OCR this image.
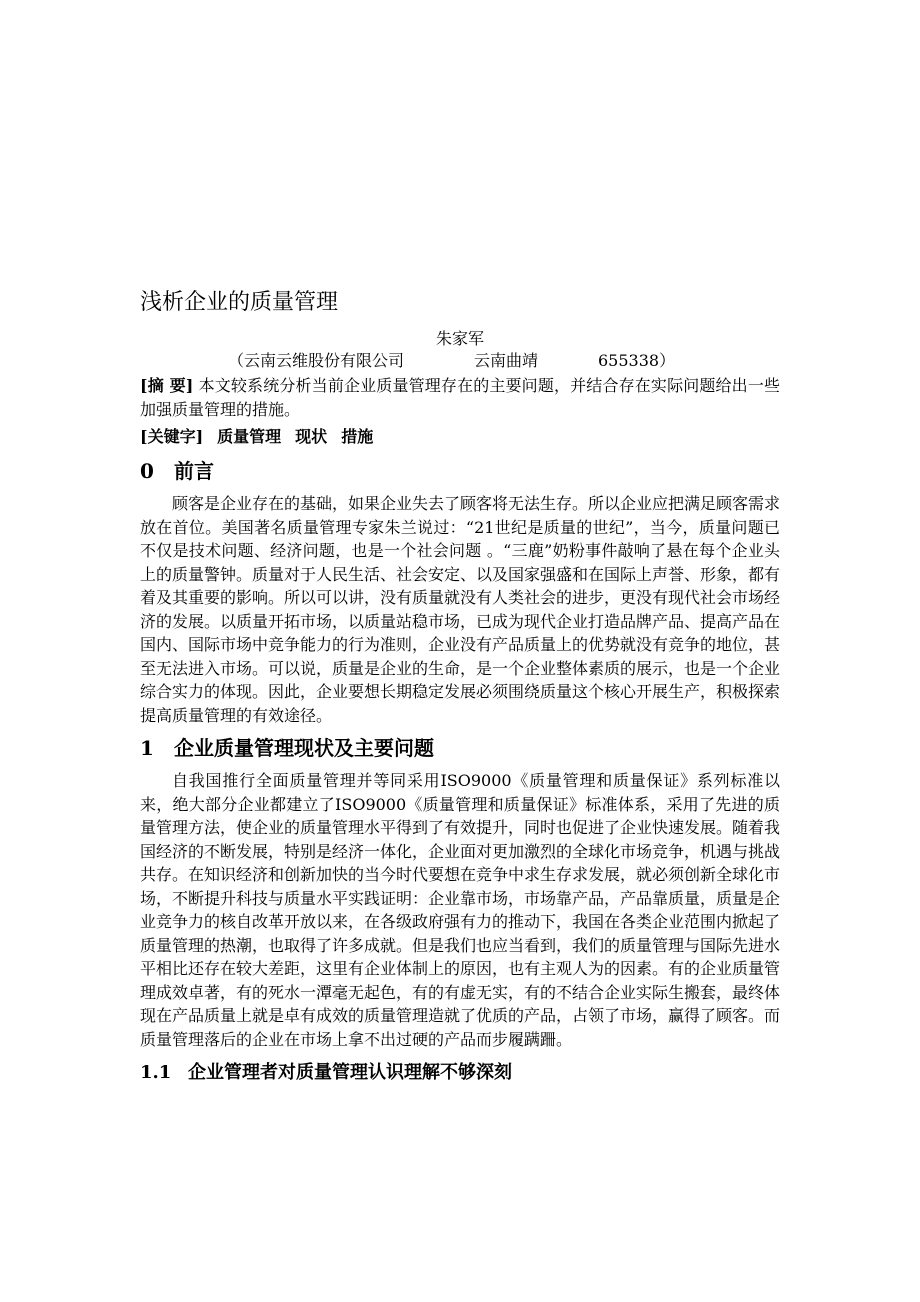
浅析企业的质量管理
朱家军
（云南云维股份有限公司	云南曲靖	655338）

[摘 要] 本文较系统分析当前企业质量管理存在的主要问题，并结合存在实际问题给出一些加强质量管理的措施。

[关键字] 质量管理 现状 措施
0 前言

顾客是企业存在的基础，如果企业失去了顾客将无法生存。所以企业应把满足顾客需求放在首位。美国著名质量管理专家朱兰说过：“21世纪是质量的世纪”，当今，质量问题已不仅是技术问题、经济问题，也是一个社会问题 。“三鹿”奶粉事件敲响了悬在每个企业头上的质量警钟。质量对于人民生活、社会安定、以及国家强盛和在国际上声誉、形象，都有着及其重要的影响。所以可以讲，没有质量就没有人类社会的进步，更没有现代社会市场经济的发展。以质量开拓市场，以质量站稳市场，已成为现代企业打造品牌产品、提高产品在国内、国际市场中竞争能力的行为准则，企业没有产品质量上的优势就没有竞争的地位，甚至无法进入市场。可以说，质量是企业的生命，是一个企业整体素质的展示，也是一个企业综合实力的体现。因此，企业要想长期稳定发展必须围绕质量这个核心开展生产，积极探索提高质量管理的有效途径。

1 企业质量管理现状及主要问题

自我国推行全面质量管理并等同采用ISO9000《质量管理和质量保证》系列标准以来，绝大部分企业都建立了ISO9000《质量管理和质量保证》标准体系，采用了先进的质量管理方法，使企业的质量管理水平得到了有效提升，同时也促进了企业快速发展。随着我国经济的不断发展，特别是经济一体化，企业面对更加激烈的全球化市场竞争，机遇与挑战共存。在知识经济和创新加快的当今时代要想在竞争中求生存求发展，就必须创新全球化市场，不断提升科技与质量水平实践证明：企业靠市场，市场靠产品，产品靠质量，质量是企业竞争力的核自改革开放以来，在各级政府强有力的推动下，我国在各类企业范围内掀起了质量管理的热潮，也取得了许多成就。但是我们也应当看到，我们的质量管理与国际先进水平相比还存在较大差距，这里有企业体制上的原因，也有主观人为的因素。有的企业质量管理成效卓著，有的死水一潭毫无起色，有的有虚无实，有的不结合企业实际生搬套，最终体现在产品质量上就是卓有成效的质量管理造就了优质的产品，占领了市场，赢得了顾客。而质量管理落后的企业在市场上拿不出过硬的产品而步履蹒跚。

1.1 企业管理者对质量管理认识理解不够深刻
